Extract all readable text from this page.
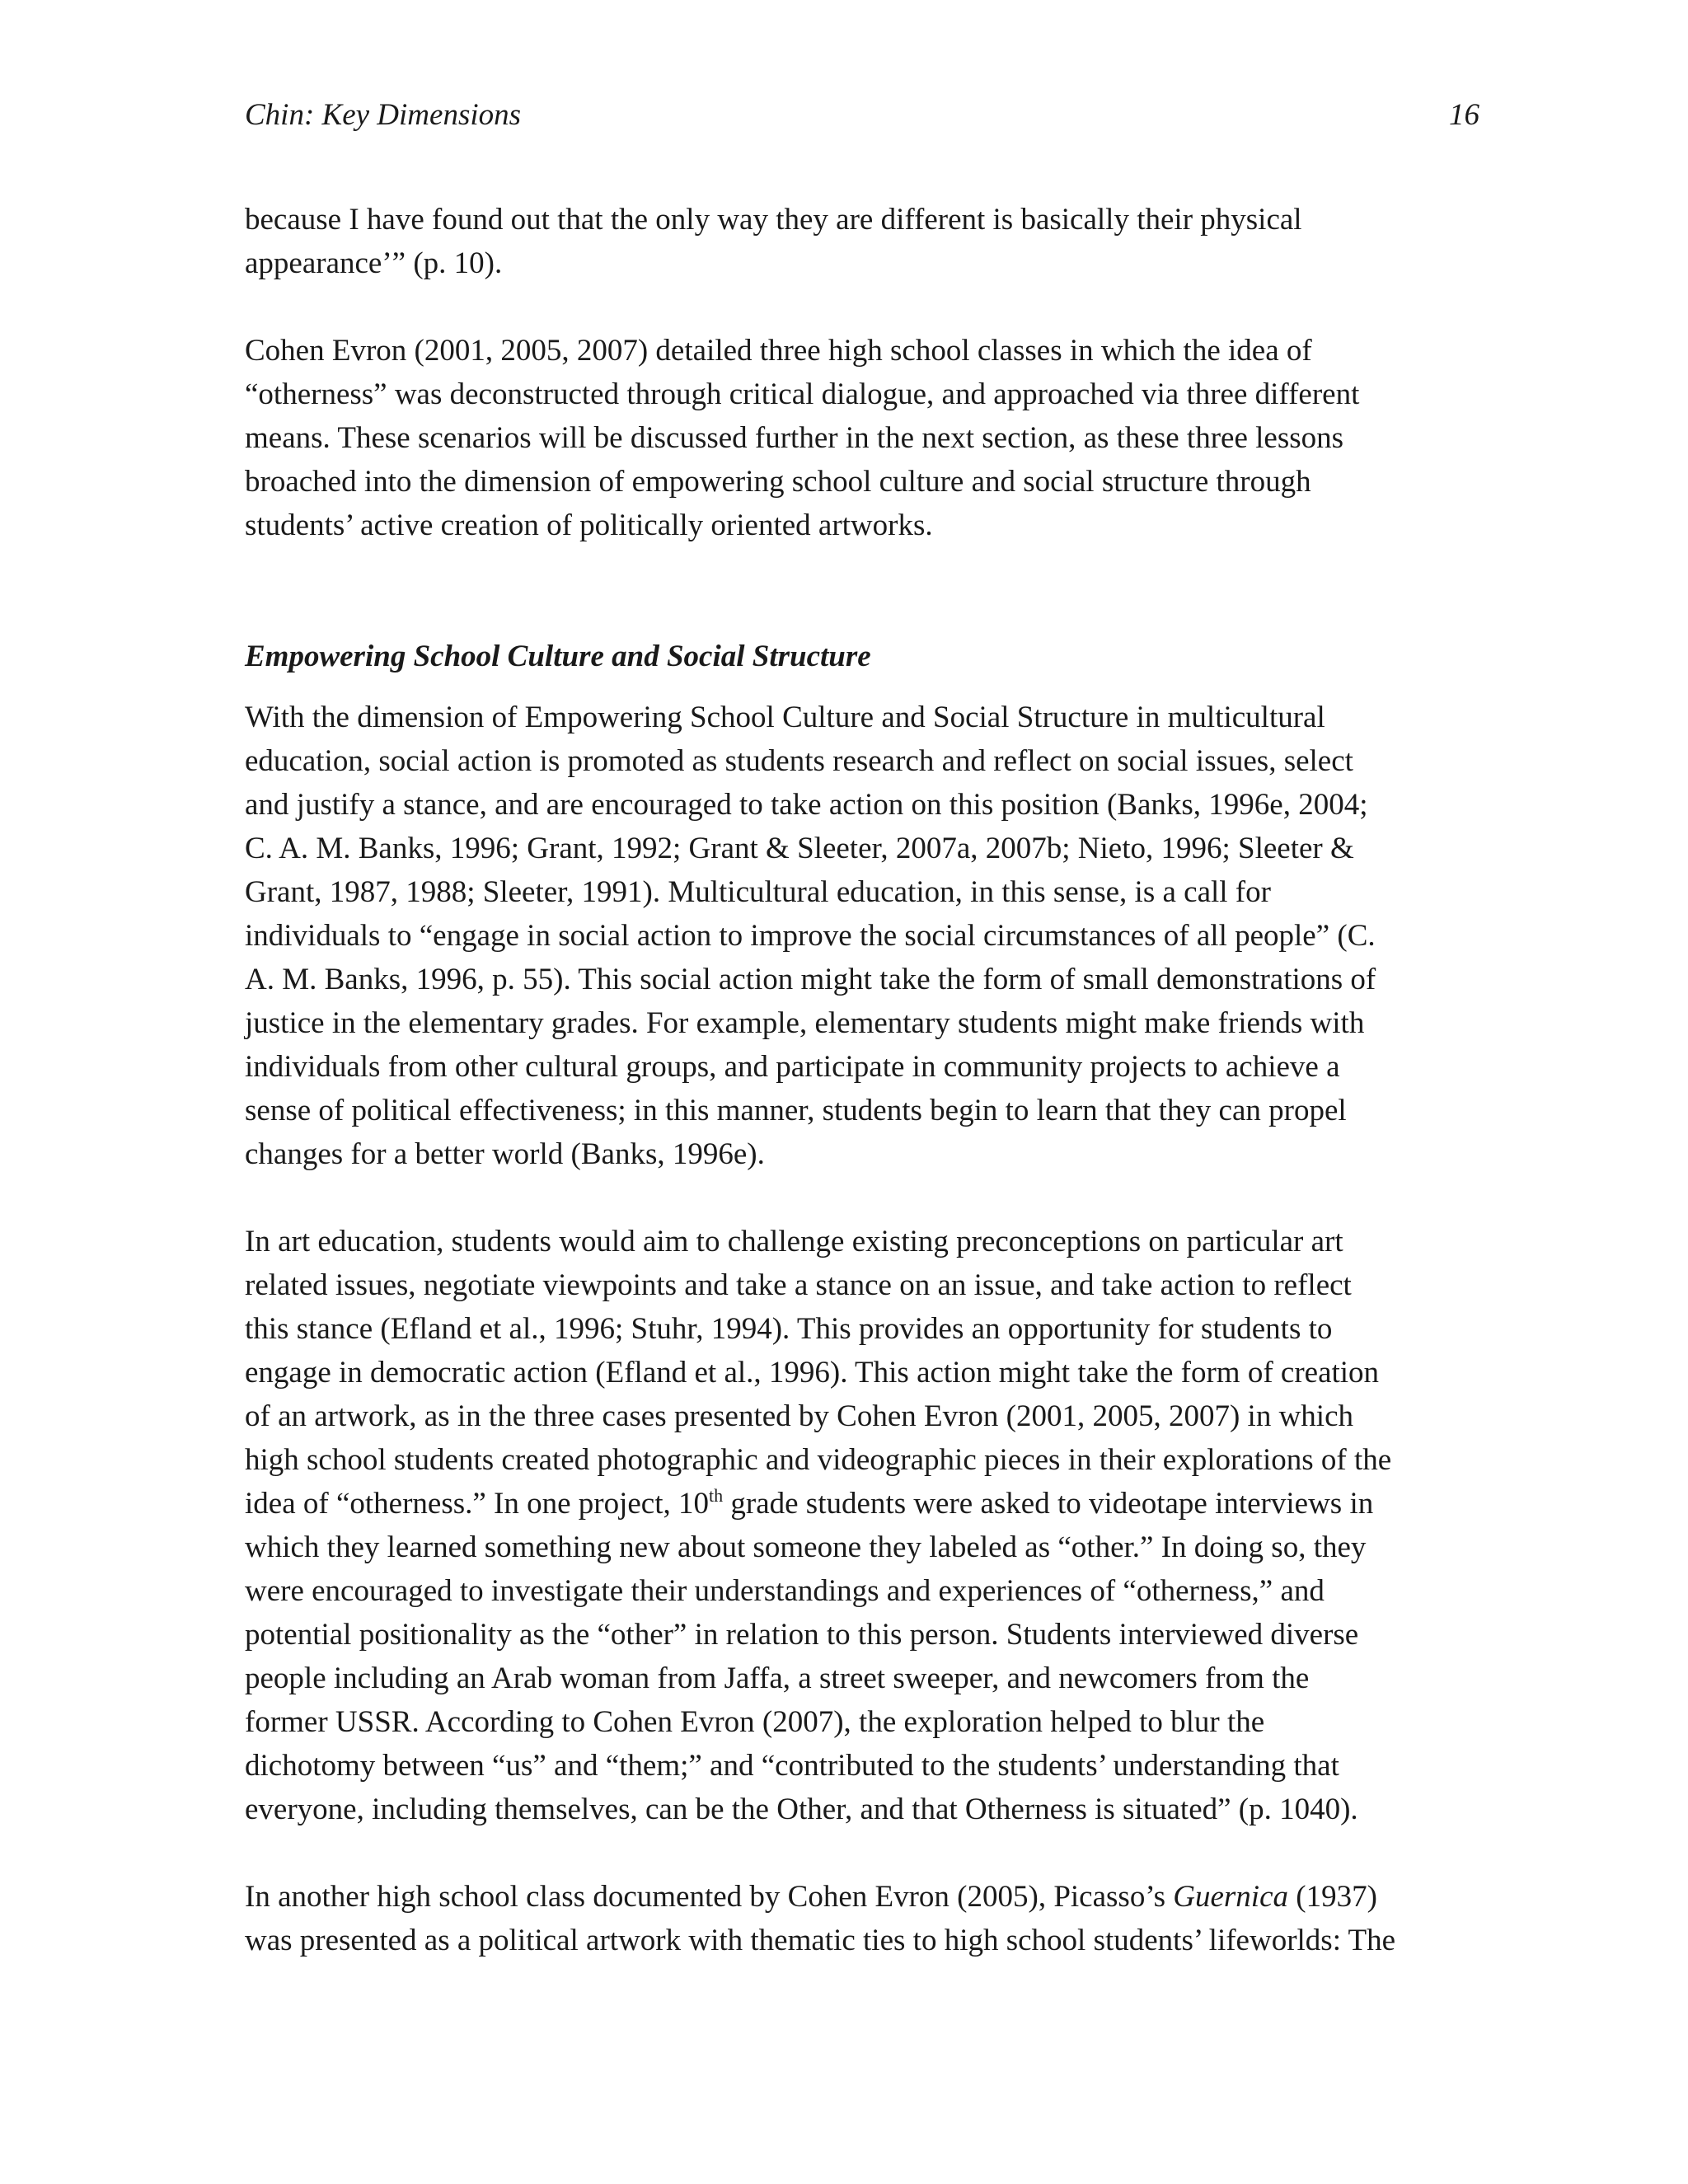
Chin: Key Dimensions	16
because I have found out that the only way they are different is basically their physical
appearance’” (p. 10).
Cohen Evron (2001, 2005, 2007) detailed three high school classes in which the idea of
“otherness” was deconstructed through critical dialogue, and approached via three different
means. These scenarios will be discussed further in the next section, as these three lessons
broached into the dimension of empowering school culture and social structure through
students’ active creation of politically oriented artworks.
Empowering School Culture and Social Structure
With the dimension of Empowering School Culture and Social Structure in multicultural
education, social action is promoted as students research and reflect on social issues, select
and justify a stance, and are encouraged to take action on this position (Banks, 1996e, 2004;
C. A. M. Banks, 1996; Grant, 1992; Grant & Sleeter, 2007a, 2007b; Nieto, 1996; Sleeter &
Grant, 1987, 1988; Sleeter, 1991). Multicultural education, in this sense, is a call for
individuals to “engage in social action to improve the social circumstances of all people” (C.
A. M. Banks, 1996, p. 55). This social action might take the form of small demonstrations of
justice in the elementary grades. For example, elementary students might make friends with
individuals from other cultural groups, and participate in community projects to achieve a
sense of political effectiveness; in this manner, students begin to learn that they can propel
changes for a better world (Banks, 1996e).
In art education, students would aim to challenge existing preconceptions on particular art
related issues, negotiate viewpoints and take a stance on an issue, and take action to reflect
this stance (Efland et al., 1996; Stuhr, 1994). This provides an opportunity for students to
engage in democratic action (Efland et al., 1996). This action might take the form of creation
of an artwork, as in the three cases presented by Cohen Evron (2001, 2005, 2007) in which
high school students created photographic and videographic pieces in their explorations of the
idea of “otherness.” In one project, 10th grade students were asked to videotape interviews in
which they learned something new about someone they labeled as “other.” In doing so, they
were encouraged to investigate their understandings and experiences of “otherness,” and
potential positionality as the “other” in relation to this person. Students interviewed diverse
people including an Arab woman from Jaffa, a street sweeper, and newcomers from the
former USSR. According to Cohen Evron (2007), the exploration helped to blur the
dichotomy between “us” and “them;” and “contributed to the students’ understanding that
everyone, including themselves, can be the Other, and that Otherness is situated” (p. 1040).
In another high school class documented by Cohen Evron (2005), Picasso’s Guernica (1937)
was presented as a political artwork with thematic ties to high school students’ lifeworlds: The
